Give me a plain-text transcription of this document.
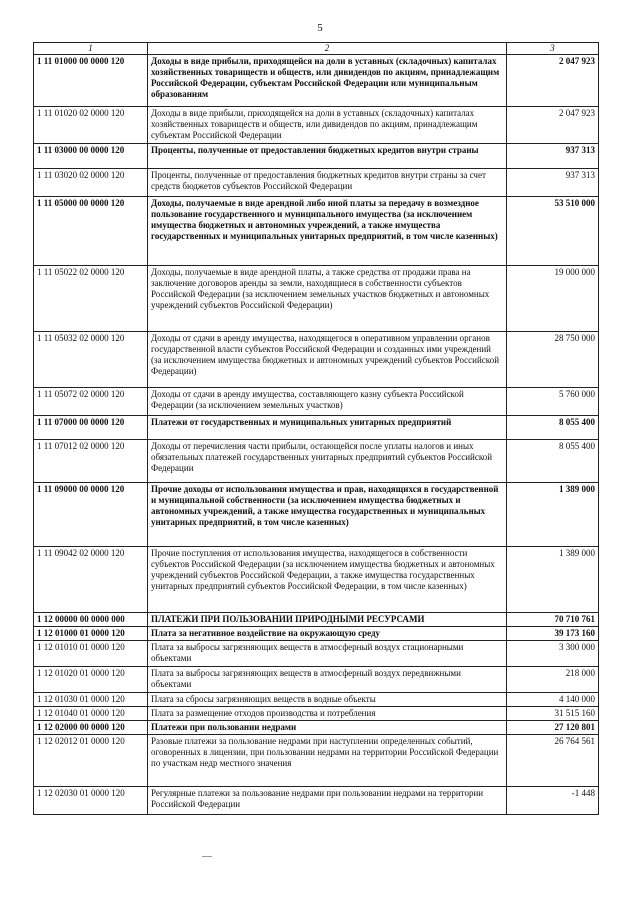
5
1	2	3
1 11 01000 00 0000 120	Доходы в виде прибыли, приходящейся на доли в уставных (складочных) капиталах хозяйственных товариществ и обществ, или дивидендов по акциям, принадлежащим Российской Федерации, субъектам Российской Федерации или муниципальным образованиям	2 047 923
1 11 01020 02 0000 120	Доходы в виде прибыли, приходящейся на доли в уставных (складочных) капиталах хозяйственных товариществ и обществ, или дивидендов по акциям, принадлежащим субъектам Российской Федерации	2 047 923
1 11 03000 00 0000 120	Проценты, полученные от предоставления бюджетных кредитов внутри страны	937 313
1 11 03020 02 0000 120	Проценты, полученные от предоставления бюджетных кредитов внутри страны за счет средств бюджетов субъектов Российской Федерации	937 313
1 11 05000 00 0000 120	Доходы, получаемые в виде арендной либо иной платы за передачу в возмездное пользование государственного и муниципального имущества (за исключением имущества бюджетных и автономных учреждений, а также имущества государственных и муниципальных унитарных предприятий, в том числе казенных)	53 510 000
1 11 05022 02 0000 120	Доходы, получаемые в виде арендной платы, а также средства от продажи права на заключение договоров аренды за земли, находящиеся в собственности субъектов Российской Федерации (за исключением земельных участков бюджетных и автономных учреждений субъектов Российской Федерации)	19 000 000
1 11 05032 02 0000 120	Доходы от сдачи в аренду имущества, находящегося в оперативном управлении органов государственной власти субъектов Российской Федерации и созданных ими учреждений (за исключением имущества бюджетных и автономных учреждений субъектов Российской Федерации)	28 750 000
1 11 05072 02 0000 120	Доходы от сдачи в аренду имущества, составляющего казну субъекта Российской Федерации (за исключением земельных участков)	5 760 000
1 11 07000 00 0000 120	Платежи от государственных и муниципальных унитарных предприятий	8 055 400
1 11 07012 02 0000 120	Доходы от перечисления части прибыли, остающейся после уплаты налогов и иных обязательных платежей государственных унитарных предприятий субъектов Российской Федерации	8 055 400
1 11 09000 00 0000 120	Прочие доходы от использования имущества и прав, находящихся в государственной и муниципальной собственности (за исключением имущества бюджетных и автономных учреждений, а также имущества государственных и муниципальных унитарных предприятий, в том числе казенных)	1 389 000
1 11 09042 02 0000 120	Прочие поступления от использования имущества, находящегося в собственности субъектов Российской Федерации (за исключением имущества бюджетных и автономных учреждений субъектов Российской Федерации, а также имущества государственных унитарных предприятий субъектов Российской Федерации, в том числе казенных)	1 389 000
1 12 00000 00 0000 000	ПЛАТЕЖИ ПРИ ПОЛЬЗОВАНИИ ПРИРОДНЫМИ РЕСУРСАМИ	70 710 761
1 12 01000 01 0000 120	Плата за негативное воздействие на окружающую среду	39 173 160
1 12 01010 01 0000 120	Плата за выбросы загрязняющих веществ в атмосферный воздух стационарными объектами	3 300 000
1 12 01020 01 0000 120	Плата за выбросы загрязняющих веществ в атмосферный воздух передвижными объектами	218 000
1 12 01030 01 0000 120	Плата за сбросы загрязняющих веществ в водные объекты	4 140 000
1 12 01040 01 0000 120	Плата за размещение отходов производства и потребления	31 515 160
1 12 02000 00 0000 120	Платежи при пользовании недрами	27 120 801
1 12 02012 01 0000 120	Разовые платежи за пользование недрами при наступлении определенных событий, оговоренных в лицензии, при пользовании недрами на территории Российской Федерации по участкам недр местного значения	26 764 561
1 12 02030 01 0000 120	Регулярные платежи за пользование недрами при пользовании недрами на территории Российской Федерации	-1 448
